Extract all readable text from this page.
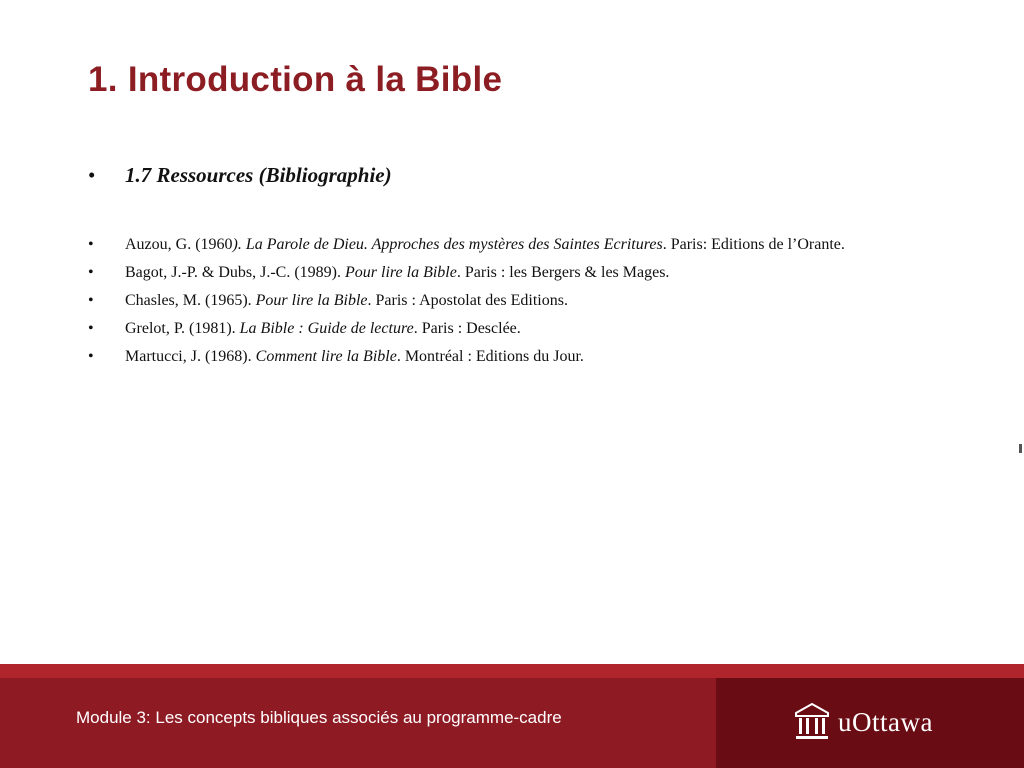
1. Introduction à la Bible
• 1.7 Ressources (Bibliographie)
• Auzou, G. (1960). La Parole de Dieu. Approches des mystères des Saintes Ecritures. Paris: Editions de l’Orante.
• Bagot, J.-P. & Dubs, J.-C. (1989). Pour lire la Bible. Paris : les Bergers & les Mages.
• Chasles, M. (1965). Pour lire la Bible. Paris : Apostolat des Editions.
• Grelot, P. (1981). La Bible : Guide de lecture. Paris : Desclée.
• Martucci, J. (1968). Comment lire la Bible. Montréal : Editions du Jour.
Module 3: Les concepts bibliques associés au programme-cadre	uOttawa
